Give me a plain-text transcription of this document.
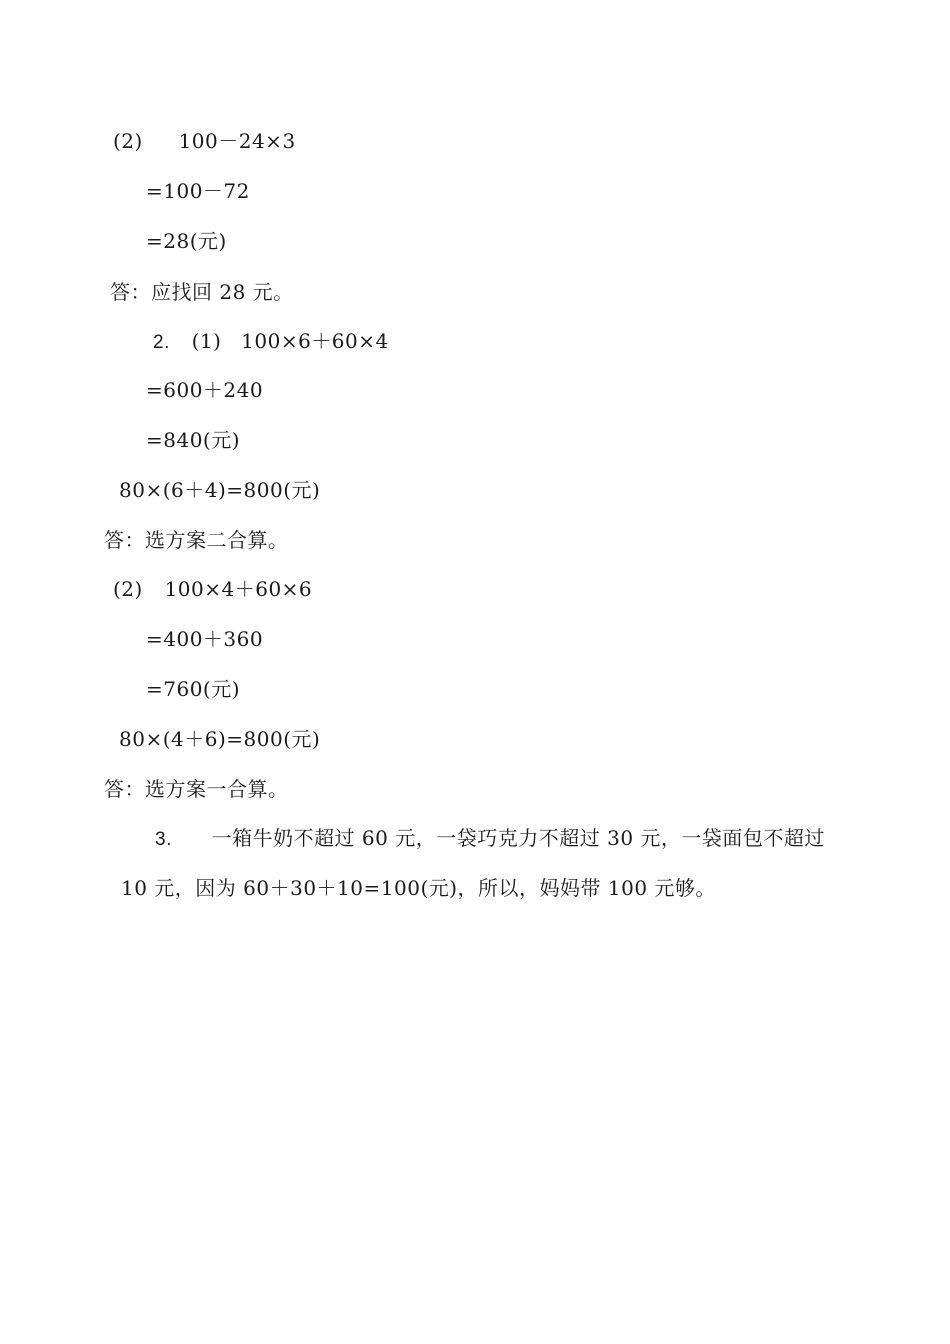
(2) 100－24×3
=100－72
=28(元)
答：应找回 28 元。
2. (1) 100×6＋60×4
=600＋240
=840(元)
80×(6＋4)=800(元)
答：选方案二合算。
(2) 100×4＋60×6
=400＋360
=760(元)
80×(4＋6)=800(元)
答：选方案一合算。
3. 一箱牛奶不超过 60 元，一袋巧克力不超过 30 元，一袋面包不超过
10 元，因为 60＋30＋10=100(元)，所以，妈妈带 100 元够。
